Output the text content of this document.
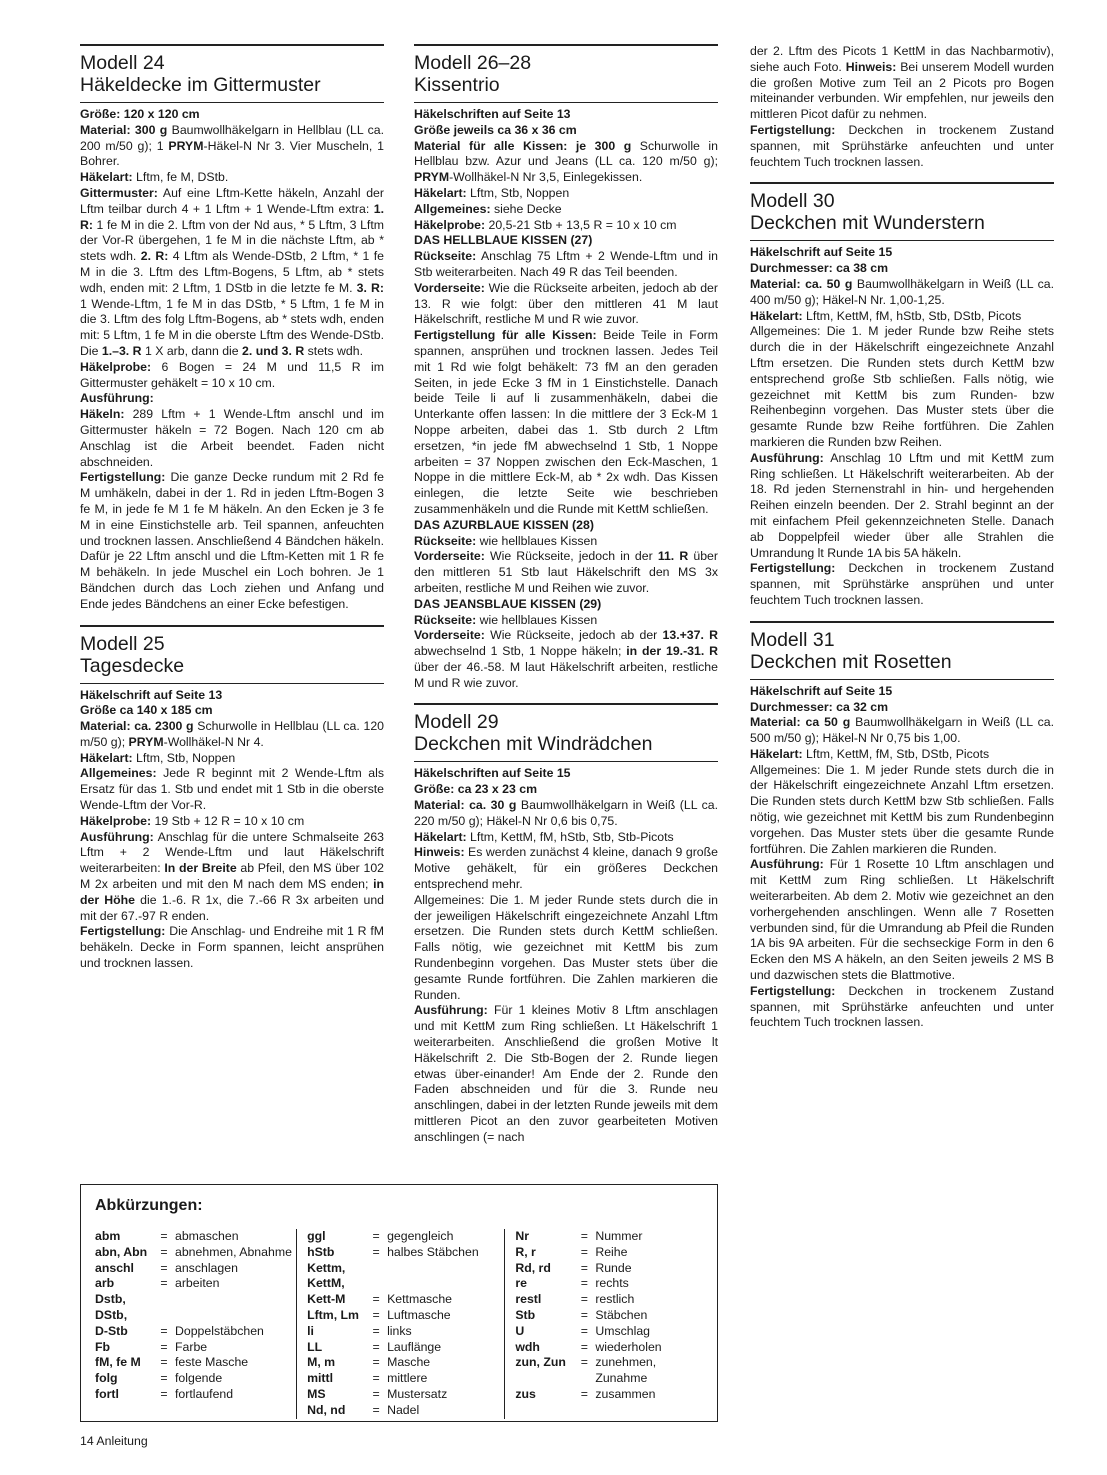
Modell 24
Häkeldecke im Gittermuster

Größe: 120 x 120 cm

Material: 300 g Baumwollhäkelgarn in Hellblau (LL ca. 200 m/50 g); 1 PRYM-Häkel-N Nr 3. Vier Muscheln, 1 Bohrer.

Häkelart: Lftm, fe M, DStb.

Gittermuster: Auf eine Lftm-Kette häkeln, Anzahl der Lftm teilbar durch 4 + 1 Lftm + 1 Wende-Lftm extra: 1. R: 1 fe M in die 2. Lftm von der Nd aus, * 5 Lftm, 3 Lftm der Vor-R übergehen, 1 fe M in die nächste Lftm, ab * stets wdh. 2. R: 4 Lftm als Wende-DStb, 2 Lftm, * 1 fe M in die 3. Lftm des Lftm-Bogens, 5 Lftm, ab * stets wdh, enden mit: 2 Lftm, 1 DStb in die letzte fe M. 3. R: 1 Wende-Lftm, 1 fe M in das DStb, * 5 Lftm, 1 fe M in die 3. Lftm des folg Lftm-Bogens, ab * stets wdh, enden mit: 5 Lftm, 1 fe M in die oberste Lftm des Wende-DStb. Die 1.–3. R 1 X arb, dann die 2. und 3. R stets wdh.

Häkelprobe: 6 Bogen = 24 M und 11,5 R im Gittermuster gehäkelt = 10 x 10 cm.

Ausführung:

Häkeln: 289 Lftm + 1 Wende-Lftm anschl und im Gittermuster häkeln = 72 Bogen. Nach 120 cm ab Anschlag ist die Arbeit beendet. Faden nicht abschneiden.

Fertigstellung: Die ganze Decke rundum mit 2 Rd fe M umhäkeln, dabei in der 1. Rd in jeden Lftm-Bogen 3 fe M, in jede fe M 1 fe M häkeln. An den Ecken je 3 fe M in eine Einstichstelle arb. Teil spannen, anfeuchten und trocknen lassen. Anschließend 4 Bändchen häkeln. Dafür je 22 Lftm anschl und die Lftm-Ketten mit 1 R fe M behäkeln. In jede Muschel ein Loch bohren. Je 1 Bändchen durch das Loch ziehen und Anfang und Ende jedes Bändchens an einer Ecke befestigen.

Modell 25
Tagesdecke

Häkelschrift auf Seite 13

Größe ca 140 x 185 cm

Material: ca. 2300 g Schurwolle in Hellblau (LL ca. 120 m/50 g); PRYM-Wollhäkel-N Nr 4.

Häkelart: Lftm, Stb, Noppen

Allgemeines: Jede R beginnt mit 2 Wende-Lftm als Ersatz für das 1. Stb und endet mit 1 Stb in die oberste Wende-Lftm der Vor-R.

Häkelprobe: 19 Stb + 12 R = 10 x 10 cm

Ausführung: Anschlag für die untere Schmalseite 263 Lftm + 2 Wende-Lftm und laut Häkelschrift weiterarbeiten: In der Breite ab Pfeil, den MS über 102 M 2x arbeiten und mit den M nach dem MS enden; in der Höhe die 1.-6. R 1x, die 7.-66 R 3x arbeiten und mit der 67.-97 R enden.

Fertigstellung: Die Anschlag- und Endreihe mit 1 R fM behäkeln. Decke in Form spannen, leicht ansprühen und trocknen lassen.

Modell 26–28
Kissentrio

Häkelschriften auf Seite 13

Größe jeweils ca 36 x 36 cm

Material für alle Kissen: je 300 g Schurwolle in Hellblau bzw. Azur und Jeans (LL ca. 120 m/50 g); PRYM-Wollhäkel-N Nr 3,5, Einlegekissen.

Häkelart: Lftm, Stb, Noppen

Allgemeines: siehe Decke

Häkelprobe: 20,5-21 Stb + 13,5 R = 10 x 10 cm

DAS HELLBLAUE KISSEN (27)

Rückseite: Anschlag 75 Lftm + 2 Wende-Lftm und in Stb weiterarbeiten. Nach 49 R das Teil beenden.

Vorderseite: Wie die Rückseite arbeiten, jedoch ab der 13. R wie folgt: über den mittleren 41 M laut Häkelschrift, restliche M und R wie zuvor.

Fertigstellung für alle Kissen: Beide Teile in Form spannen, ansprühen und trocknen lassen. Jedes Teil mit 1 Rd wie folgt behäkelt: 73 fM an den geraden Seiten, in jede Ecke 3 fM in 1 Einstichstelle. Danach beide Teile li auf li zusammenhäkeln, dabei die Unterkante offen lassen: In die mittlere der 3 Eck-M 1 Noppe arbeiten, dabei das 1. Stb durch 2 Lftm ersetzen, *in jede fM abwechselnd 1 Stb, 1 Noppe arbeiten = 37 Noppen zwischen den Eck-Maschen, 1 Noppe in die mittlere Eck-M, ab * 2x wdh. Das Kissen einlegen, die letzte Seite wie beschrieben zusammenhäkeln und die Runde mit KettM schließen.

DAS AZURBLAUE KISSEN (28)

Rückseite: wie hellblaues Kissen

Vorderseite: Wie Rückseite, jedoch in der 11. R über den mittleren 51 Stb laut Häkelschrift den MS 3x arbeiten, restliche M und Reihen wie zuvor.

DAS JEANSBLAUE KISSEN (29)

Rückseite: wie hellblaues Kissen

Vorderseite: Wie Rückseite, jedoch ab der 13.+37. R abwechselnd 1 Stb, 1 Noppe häkeln; in der 19.-31. R über der 46.-58. M laut Häkelschrift arbeiten, restliche M und R wie zuvor.

Modell 29
Deckchen mit Windrädchen

Häkelschriften auf Seite 15

Größe: ca 23 x 23 cm

Material: ca. 30 g Baumwollhäkelgarn in Weiß (LL ca. 220 m/50 g); Häkel-N Nr 0,6 bis 0,75.

Häkelart: Lftm, KettM, fM, hStb, Stb, Stb-Picots

Hinweis: Es werden zunächst 4 kleine, danach 9 große Motive gehäkelt, für ein größeres Deckchen entsprechend mehr.

Allgemeines: Die 1. M jeder Runde stets durch die in der jeweiligen Häkelschrift eingezeichnete Anzahl Lftm ersetzen. Die Runden stets durch KettM schließen. Falls nötig, wie gezeichnet mit KettM bis zum Rundenbeginn vorgehen. Das Muster stets über die gesamte Runde fortführen. Die Zahlen markieren die Runden.

Ausführung: Für 1 kleines Motiv 8 Lftm anschlagen und mit KettM zum Ring schließen. Lt Häkelschrift 1 weiterarbeiten. Anschließend die großen Motive lt Häkelschrift 2. Die Stb-Bogen der 2. Runde liegen etwas über-einander! Am Ende der 2. Runde den Faden abschneiden und für die 3. Runde neu anschlingen, dabei in der letzten Runde jeweils mit dem mittleren Picot an den zuvor gearbeiteten Motiven anschlingen (= nach

der 2. Lftm des Picots 1 KettM in das Nachbarmotiv), siehe auch Foto. Hinweis: Bei unserem Modell wurden die großen Motive zum Teil an 2 Picots pro Bogen miteinander verbunden. Wir empfehlen, nur jeweils den mittleren Picot dafür zu nehmen.

Fertigstellung: Deckchen in trockenem Zustand spannen, mit Sprühstärke anfeuchten und unter feuchtem Tuch trocknen lassen.

Modell 30
Deckchen mit Wunderstern

Häkelschrift auf Seite 15

Durchmesser: ca 38 cm

Material: ca. 50 g Baumwollhäkelgarn in Weiß (LL ca. 400 m/50 g); Häkel-N Nr. 1,00-1,25.

Häkelart: Lftm, KettM, fM, hStb, Stb, DStb, Picots

Allgemeines: Die 1. M jeder Runde bzw Reihe stets durch die in der Häkelschrift eingezeichnete Anzahl Lftm ersetzen. Die Runden stets durch KettM bzw entsprechend große Stb schließen. Falls nötig, wie gezeichnet mit KettM bis zum Runden- bzw Reihenbeginn vorgehen. Das Muster stets über die gesamte Runde bzw Reihe fortführen. Die Zahlen markieren die Runden bzw Reihen.

Ausführung: Anschlag 10 Lftm und mit KettM zum Ring schließen. Lt Häkelschrift weiterarbeiten. Ab der 18. Rd jeden Sternenstrahl in hin- und hergehenden Reihen einzeln beenden. Der 2. Strahl beginnt an der mit einfachem Pfeil gekennzeichneten Stelle. Danach ab Doppelpfeil wieder über alle Strahlen die Umrandung lt Runde 1A bis 5A häkeln.

Fertigstellung: Deckchen in trockenem Zustand spannen, mit Sprühstärke ansprühen und unter feuchtem Tuch trocknen lassen.

Modell 31
Deckchen mit Rosetten

Häkelschrift auf Seite 15

Durchmesser: ca 32 cm

Material: ca 50 g Baumwollhäkelgarn in Weiß (LL ca. 500 m/50 g); Häkel-N Nr 0,75 bis 1,00.

Häkelart: Lftm, KettM, fM, Stb, DStb, Picots

Allgemeines: Die 1. M jeder Runde stets durch die in der Häkelschrift eingezeichnete Anzahl Lftm ersetzen. Die Runden stets durch KettM bzw Stb schließen. Falls nötig, wie gezeichnet mit KettM bis zum Rundenbeginn vorgehen. Das Muster stets über die gesamte Runde fortführen. Die Zahlen markieren die Runden.

Ausführung: Für 1 Rosette 10 Lftm anschlagen und mit KettM zum Ring schließen. Lt Häkelschrift weiterarbeiten. Ab dem 2. Motiv wie gezeichnet an den vorhergehenden anschlingen. Wenn alle 7 Rosetten verbunden sind, für die Umrandung ab Pfeil die Runden 1A bis 9A arbeiten. Für die sechseckige Form in den 6 Ecken den MS A häkeln, an den Seiten jeweils 2 MS B und dazwischen stets die Blattmotive.

Fertigstellung: Deckchen in trockenem Zustand spannen, mit Sprühstärke anfeuchten und unter feuchtem Tuch trocknen lassen.

Abkürzungen:
abm	= abmaschen
abn, Abn	= abnehmen, Abnahme
anschl	= anschlagen
arb	= arbeiten
Dstb,
DStb,
D-Stb	= Doppelstäbchen
Fb	= Farbe
fM, fe M	= feste Masche
folg	= folgende
fortl	= fortlaufend
ggl	= gegengleich
hStb	= halbes Stäbchen
Kettm, KettM,
Kett-M	= Kettmasche
Lftm, Lm	= Luftmasche
li	= links
LL	= Lauflänge
M, m	= Masche
mittl	= mittlere
MS	= Mustersatz
Nd, nd	= Nadel
Nr	= Nummer
R, r	= Reihe
Rd, rd	= Runde
re	= rechts
restl	= restlich
Stb	= Stäbchen
U	= Umschlag
wdh	= wiederholen
zun, Zun	= zunehmen,
Zunahme
zus	= zusammen
14 Anleitung
